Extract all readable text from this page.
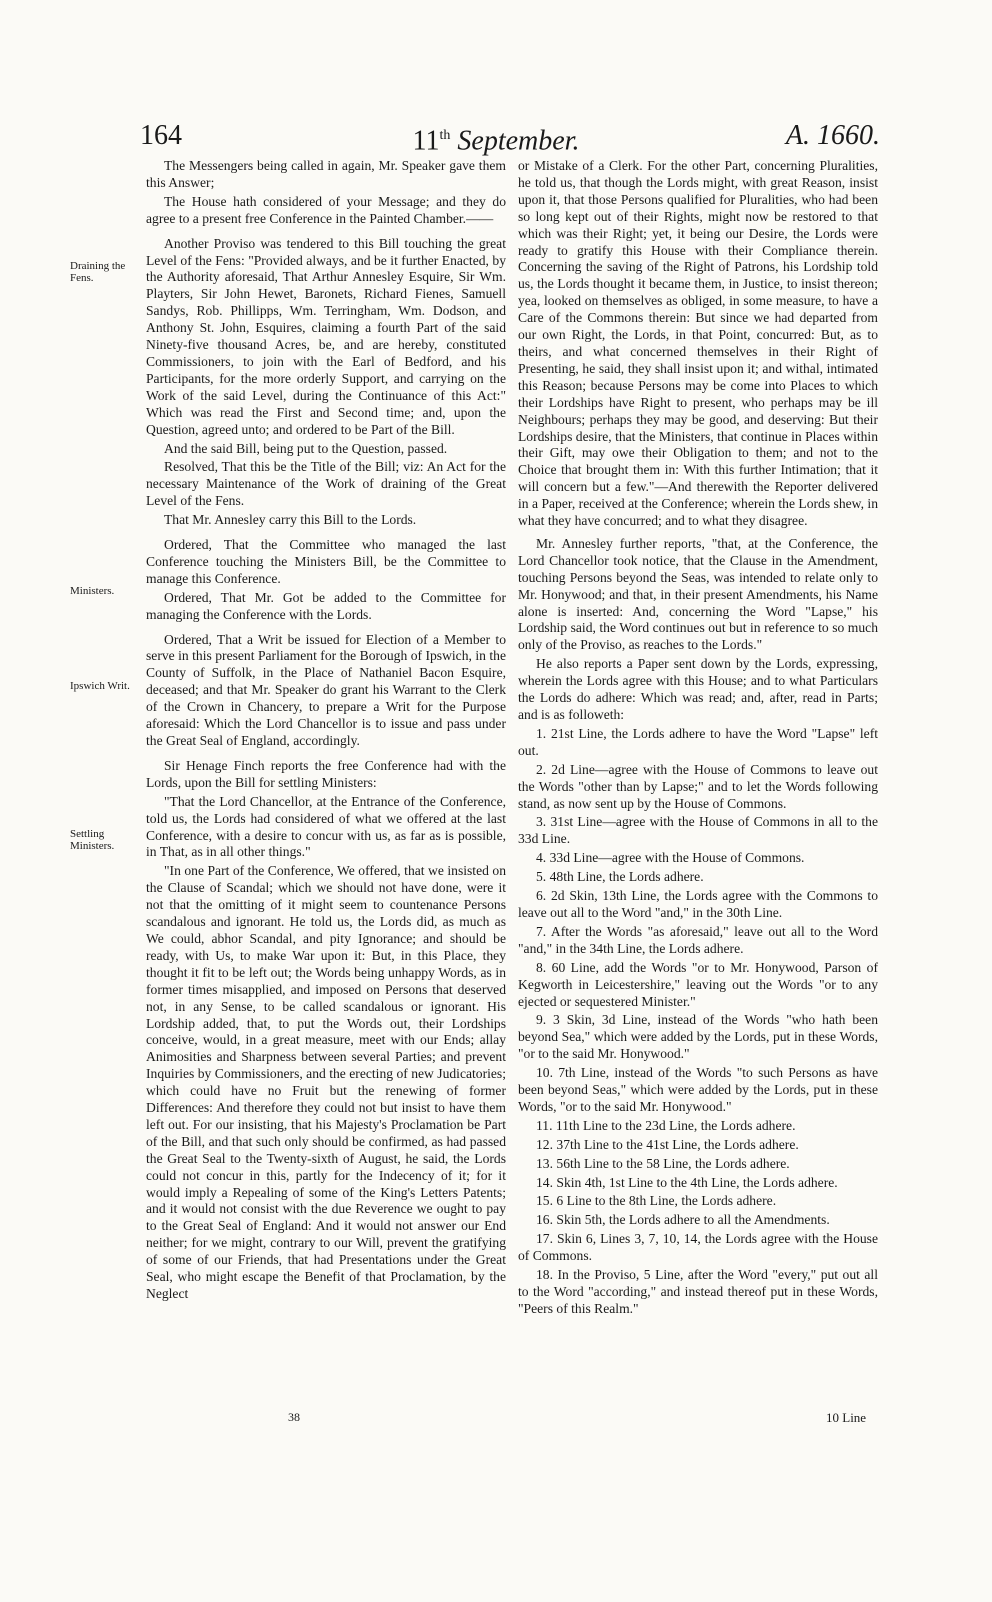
164	11th September.	A. 1660.
Draining the Fens.
Ministers.
Ipswich Writ.
Settling Ministers.

The Messengers being called in again, Mr. Speaker gave them this Answer;

The House hath considered of your Message; and they do agree to a present free Conference in the Painted Chamber.——

Another Proviso was tendered to this Bill touching the great Level of the Fens: "Provided always, and be it further Enacted, by the Authority aforesaid, That Arthur Annesley Esquire, Sir Wm. Playters, Sir John Hewet, Baronets, Richard Fienes, Samuell Sandys, Rob. Phillipps, Wm. Terringham, Wm. Dodson, and Anthony St. John, Esquires, claiming a fourth Part of the said Ninety-five thousand Acres, be, and are hereby, constituted Commissioners, to join with the Earl of Bedford, and his Participants, for the more orderly Support, and carrying on the Work of the said Level, during the Continuance of this Act:" Which was read the First and Second time; and, upon the Question, agreed unto; and ordered to be Part of the Bill.

And the said Bill, being put to the Question, passed.

Resolved, That this be the Title of the Bill; viz: An Act for the necessary Maintenance of the Work of draining of the Great Level of the Fens.

That Mr. Annesley carry this Bill to the Lords.

Ordered, That the Committee who managed the last Conference touching the Ministers Bill, be the Committee to manage this Conference.

Ordered, That Mr. Got be added to the Committee for managing the Conference with the Lords.

Ordered, That a Writ be issued for Election of a Member to serve in this present Parliament for the Borough of Ipswich, in the County of Suffolk, in the Place of Nathaniel Bacon Esquire, deceased; and that Mr. Speaker do grant his Warrant to the Clerk of the Crown in Chancery, to prepare a Writ for the Purpose aforesaid: Which the Lord Chancellor is to issue and pass under the Great Seal of England, accordingly.

Sir Henage Finch reports the free Conference had with the Lords, upon the Bill for settling Ministers:

"That the Lord Chancellor, at the Entrance of the Conference, told us, the Lords had considered of what we offered at the last Conference, with a desire to concur with us, as far as is possible, in That, as in all other things."

"In one Part of the Conference, We offered, that we insisted on the Clause of Scandal; which we should not have done, were it not that the omitting of it might seem to countenance Persons scandalous and ignorant. He told us, the Lords did, as much as We could, abhor Scandal, and pity Ignorance; and should be ready, with Us, to make War upon it: But, in this Place, they thought it fit to be left out; the Words being unhappy Words, as in former times misapplied, and imposed on Persons that deserved not, in any Sense, to be called scandalous or ignorant. His Lordship added, that, to put the Words out, their Lordships conceive, would, in a great measure, meet with our Ends; allay Animosities and Sharpness between several Parties; and prevent Inquiries by Commissioners, and the erecting of new Judicatories; which could have no Fruit but the renewing of former Differences: And therefore they could not but insist to have them left out. For our insisting, that his Majesty's Proclamation be Part of the Bill, and that such only should be confirmed, as had passed the Great Seal to the Twenty-sixth of August, he said, the Lords could not concur in this, partly for the Indecency of it; for it would imply a Repealing of some of the King's Letters Patents; and it would not consist with the due Reverence we ought to pay to the Great Seal of England: And it would not answer our End neither; for we might, contrary to our Will, prevent the gratifying of some of our Friends, that had Presentations under the Great Seal, who might escape the Benefit of that Proclamation, by the Neglect

or Mistake of a Clerk. For the other Part, concerning Pluralities, he told us, that though the Lords might, with great Reason, insist upon it, that those Persons qualified for Pluralities, who had been so long kept out of their Rights, might now be restored to that which was their Right; yet, it being our Desire, the Lords were ready to gratify this House with their Compliance therein. Concerning the saving of the Right of Patrons, his Lordship told us, the Lords thought it became them, in Justice, to insist thereon; yea, looked on themselves as obliged, in some measure, to have a Care of the Commons therein: But since we had departed from our own Right, the Lords, in that Point, concurred: But, as to theirs, and what concerned themselves in their Right of Presenting, he said, they shall insist upon it; and withal, intimated this Reason; because Persons may be come into Places to which their Lordships have Right to present, who perhaps may be ill Neighbours; perhaps they may be good, and deserving: But their Lordships desire, that the Ministers, that continue in Places within their Gift, may owe their Obligation to them; and not to the Choice that brought them in: With this further Intimation; that it will concern but a few."—And therewith the Reporter delivered in a Paper, received at the Conference; wherein the Lords shew, in what they have concurred; and to what they disagree.

Mr. Annesley further reports, "that, at the Conference, the Lord Chancellor took notice, that the Clause in the Amendment, touching Persons beyond the Seas, was intended to relate only to Mr. Honywood; and that, in their present Amendments, his Name alone is inserted: And, concerning the Word "Lapse," his Lordship said, the Word continues out but in reference to so much only of the Proviso, as reaches to the Lords."

He also reports a Paper sent down by the Lords, expressing, wherein the Lords agree with this House; and to what Particulars the Lords do adhere: Which was read; and, after, read in Parts; and is as followeth:

1. 21st Line, the Lords adhere to have the Word "Lapse" left out.

2. 2d Line—agree with the House of Commons to leave out the Words "other than by Lapse;" and to let the Words following stand, as now sent up by the House of Commons.

3. 31st Line—agree with the House of Commons in all to the 33d Line.

4. 33d Line—agree with the House of Commons.

5. 48th Line, the Lords adhere.

6. 2d Skin, 13th Line, the Lords agree with the Commons to leave out all to the Word "and," in the 30th Line.

7. After the Words "as aforesaid," leave out all to the Word "and," in the 34th Line, the Lords adhere.

8. 60 Line, add the Words "or to Mr. Honywood, Parson of Kegworth in Leicestershire," leaving out the Words "or to any ejected or sequestered Minister."

9. 3 Skin, 3d Line, instead of the Words "who hath been beyond Sea," which were added by the Lords, put in these Words, "or to the said Mr. Honywood."

10. 7th Line, instead of the Words "to such Persons as have been beyond Seas," which were added by the Lords, put in these Words, "or to the said Mr. Honywood."

11. 11th Line to the 23d Line, the Lords adhere.

12. 37th Line to the 41st Line, the Lords adhere.

13. 56th Line to the 58 Line, the Lords adhere.

14. Skin 4th, 1st Line to the 4th Line, the Lords adhere.

15. 6 Line to the 8th Line, the Lords adhere.

16. Skin 5th, the Lords adhere to all the Amendments.

17. Skin 6, Lines 3, 7, 10, 14, the Lords agree with the House of Commons.

18. In the Proviso, 5 Line, after the Word "every," put out all to the Word "according," and instead thereof put in these Words, "Peers of this Realm."

38	10 Line
